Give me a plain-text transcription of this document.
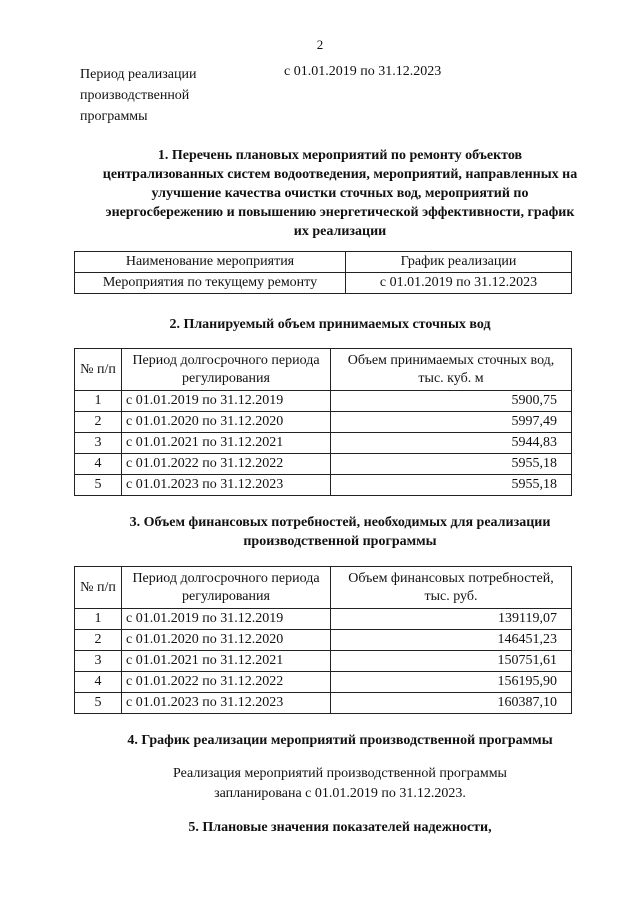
2
Период реализации производственной программы
с 01.01.2019 по 31.12.2023
1. Перечень плановых мероприятий по ремонту объектов централизованных систем водоотведения, мероприятий, направленных на улучшение качества очистки сточных вод, мероприятий по энергосбережению и повышению энергетической эффективности, график их реализации
Наименование мероприятия	График реализации
Мероприятия по текущему ремонту	с 01.01.2019 по 31.12.2023
2. Планируемый объем принимаемых сточных вод
№ п/п	Период долгосрочного периода регулирования	Объем принимаемых сточных вод, тыс. куб. м
1	с 01.01.2019 по 31.12.2019	5900,75
2	с 01.01.2020 по 31.12.2020	5997,49
3	с 01.01.2021 по 31.12.2021	5944,83
4	с 01.01.2022 по 31.12.2022	5955,18
5	с 01.01.2023 по 31.12.2023	5955,18
3. Объем финансовых потребностей, необходимых для реализации производственной программы
№ п/п	Период долгосрочного периода регулирования	Объем финансовых потребностей, тыс. руб.
1	с 01.01.2019 по 31.12.2019	139119,07
2	с 01.01.2020 по 31.12.2020	146451,23
3	с 01.01.2021 по 31.12.2021	150751,61
4	с 01.01.2022 по 31.12.2022	156195,90
5	с 01.01.2023 по 31.12.2023	160387,10
4. График реализации мероприятий производственной программы
Реализация мероприятий производственной программы запланирована с 01.01.2019 по 31.12.2023.
5. Плановые значения показателей надежности,
